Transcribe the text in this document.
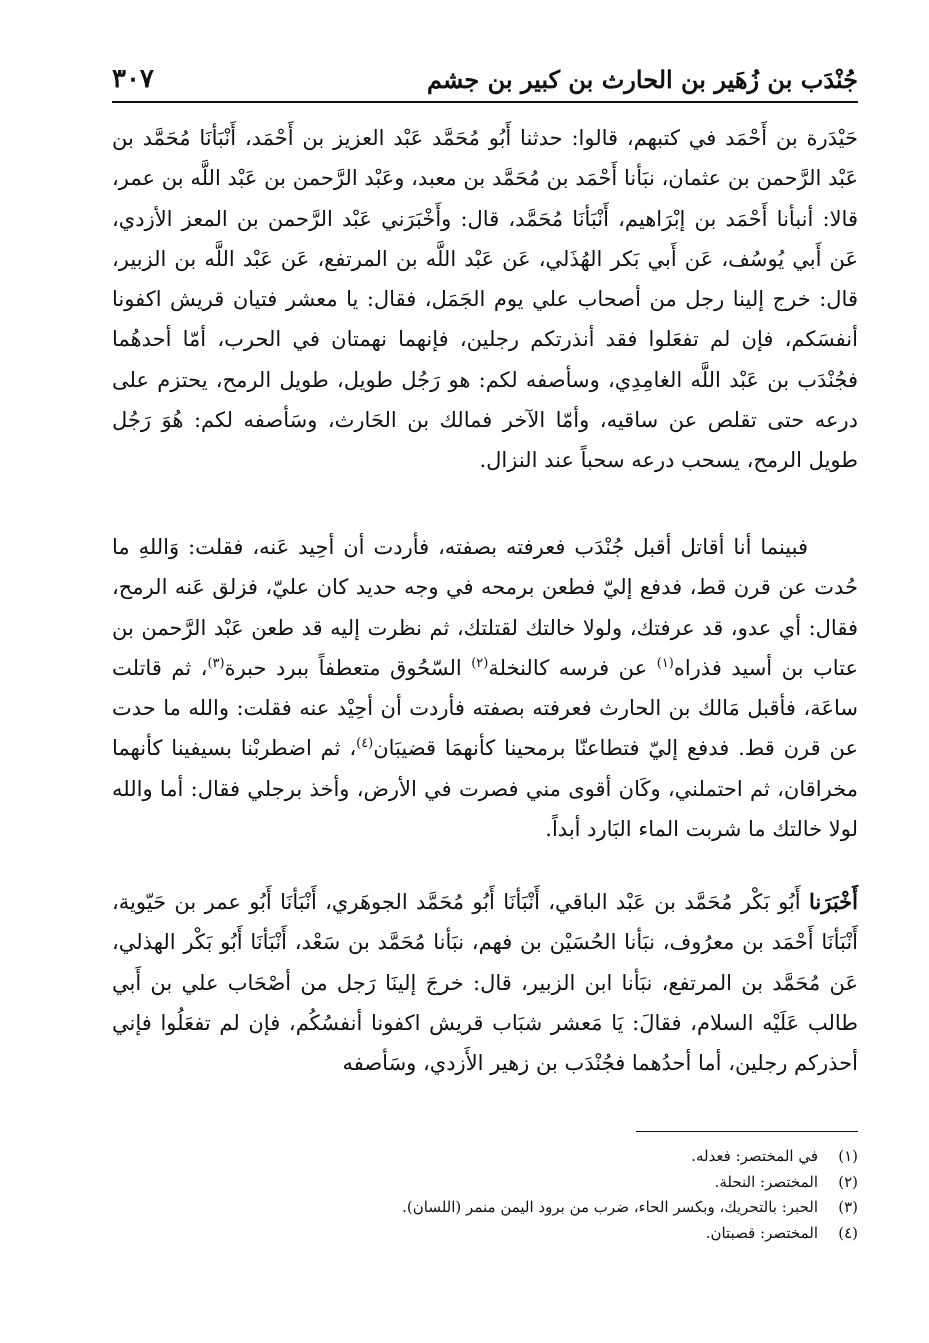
جُنْدَب بن زُهَير بن الحارث بن كبير بن جشم
٣٠٧

حَيْدَرة بن أَحْمَد في كتبهم، قالوا: حدثنا أَبُو مُحَمَّد عَبْد العزيز بن أَحْمَد، أَنْبَأنَا مُحَمَّد بن عَبْد الرَّحمن بن عثمان، نبَأنا أَحْمَد بن مُحَمَّد بن معبد، وعَبْد الرَّحمن بن عَبْد اللَّه بن عمر، قالا: أنبأنا أَحْمَد بن إبْرَاهيم، أَنْبَأنَا مُحَمَّد، قال: وأَخْبَرَني عَبْد الرَّحمن بن المعز الأزدي، عَن أَبي يُوسُف، عَن أَبي بَكر الهُذَلي، عَن عَبْد اللَّه بن المرتفع، عَن عَبْد اللَّه بن الزبير، قال: خرج إلينا رجل من أصحاب علي يوم الجَمَل، فقال: يا معشر فتيان قريش اكفونا أنفسَكم، فإن لم تفعَلوا فقد أنذرتكم رجلين، فإنهما نهمتان في الحرب، أمّا أحدهُما فجُنْدَب بن عَبْد اللَّه الغامِدِي، وسأصفه لكم: هو رَجُل طويل، طويل الرمح، يحتزم على درعه حتى تقلص عن ساقيه، وأمّا الآخر فمالك بن الحَارث، وسَأصفه لكم: هُوَ رَجُل طويل الرمح، يسحب درعه سحباً عند النزال.

فبينما أنا أقاتل أقبل جُنْدَب فعرفته بصفته، فأردت أن أحِيد عَنه، فقلت: وَاللهِ ما حُدت عن قرن قط، فدفع إليّ فطعن برمحه في وجه حديد كان عليّ، فزلق عَنه الرمح، فقال: أي عدو، قد عرفتك، ولولا خالتك لقتلتك، ثم نظرت إليه قد طعن عَبْد الرَّحمن بن عتاب بن أسيد فذراه$^{(١)}$ عن فرسه كالنخلة$^{(٢)}$ السّحُوق متعطفاً ببرد حبرة$^{(٣)}$، ثم قاتلت ساعَة، فأقبل مَالك بن الحارث فعرفته بصفته فأردت أن أحِيْد عنه فقلت: والله ما حدت عن قرن قط. فدفع إليّ فتطاعنّا برمحينا كأنهمَا قضيبَان$^{(٤)}$، ثم اضطربْنا بسيفينا كأنهما مخراقان، ثم احتملني، وكَان أقوى مني فصرت في الأرض، وأخذ برجلي فقال: أما والله لولا خالتك ما شربت الماء البَارد أبداً.

أَخْبَرَنا أَبُو بَكْر مُحَمَّد بن عَبْد الباقي، أَنْبَأنَا أَبُو مُحَمَّد الجوهَري، أَنْبَأنَا أَبُو عمر بن حَيّوية، أَنْبَأنَا أَحْمَد بن معرُوف، نبَأنا الحُسَيْن بن فهم، نبَأنا مُحَمَّد بن سَعْد، أَنْبَأنَا أَبُو بَكْر الهذلي، عَن مُحَمَّد بن المرتفع، نبَأنا ابن الزبير، قال: خرجَ إلينَا رَجل من أصْحَاب علي بن أَبي طالب عَلَيْه السلام، فقالَ: يَا مَعشر شبَاب قريش اكفونا أنفسُكُم، فإن لم تفعَلُوا فإني أحذركم رجلين، أما أحدُهما فجُنْدَب بن زهير الأَزدي، وسَأصفه

(١)في المختصر: فعدله.
(٢)المختصر: النحلة.
(٣)الحبر: بالتحريك، وبكسر الحاء، ضرب من برود اليمن منمر (اللسان).
(٤)المختصر: قصبتان.
